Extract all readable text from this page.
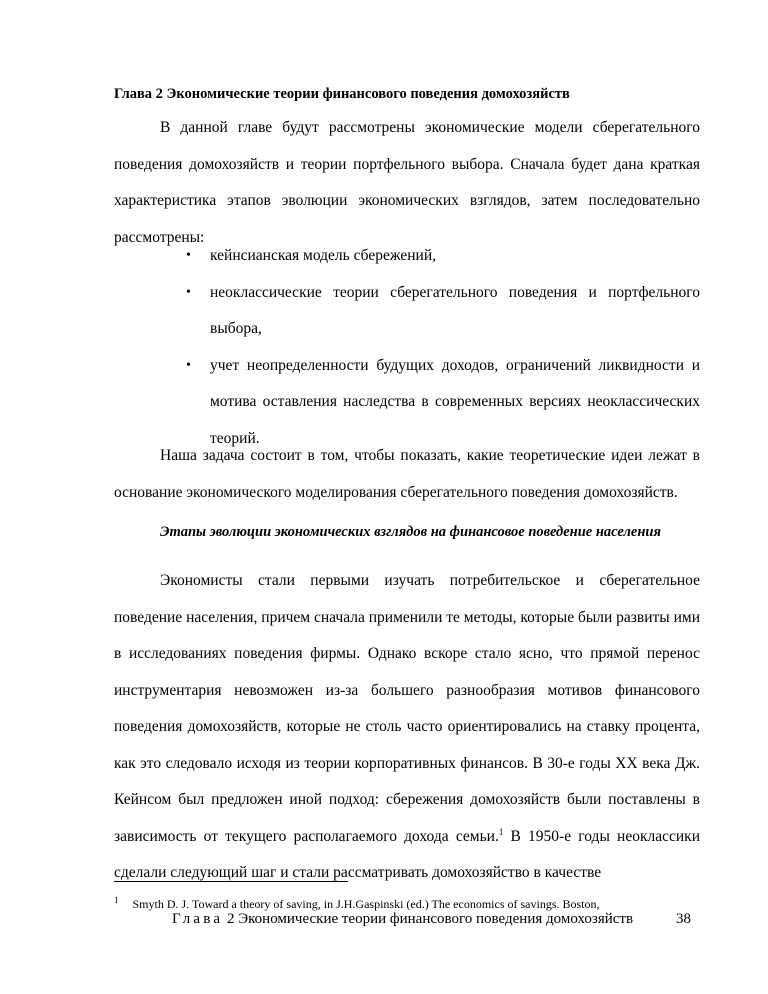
Глава 2 Экономические теории финансового поведения домохозяйств
В данной главе будут рассмотрены экономические модели сберегательного поведения домохозяйств и теории портфельного выбора. Сначала будет дана краткая характеристика этапов эволюции экономических взглядов, затем последовательно рассмотрены:
• кейнсианская модель сбережений,
• неоклассические теории сберегательного поведения и портфельного выбора,
• учет неопределенности будущих доходов, ограничений ликвидности и мотива оставления наследства в современных версиях неоклассических теорий.
Наша задача состоит в том, чтобы показать, какие теоретические идеи лежат в основание экономического моделирования сберегательного поведения домохозяйств.
Этапы эволюции экономических взглядов на финансовое поведение населения
Экономисты стали первыми изучать потребительское и сберегательное поведение населения, причем сначала применили те методы, которые были развиты ими в исследованиях поведения фирмы. Однако вскоре стало ясно, что прямой перенос инструментария невозможен из-за большего разнообразия мотивов финансового поведения домохозяйств, которые не столь часто ориентировались на ставку процента, как это следовало исходя из теории корпоративных финансов. В 30-е годы XX века Дж. Кейнсом был предложен иной подход: сбережения домохозяйств были поставлены в зависимость от текущего располагаемого дохода семьи.$^1$ В 1950-е годы неоклассики сделали следующий шаг и стали рассматривать домохозяйство в качестве
$^1$ Smyth D. J. Toward a theory of saving, in J.H.Gaspinski (ed.) The economics of savings. Boston,
Глава 2 Экономические теории финансового поведения домохозяйств	38
